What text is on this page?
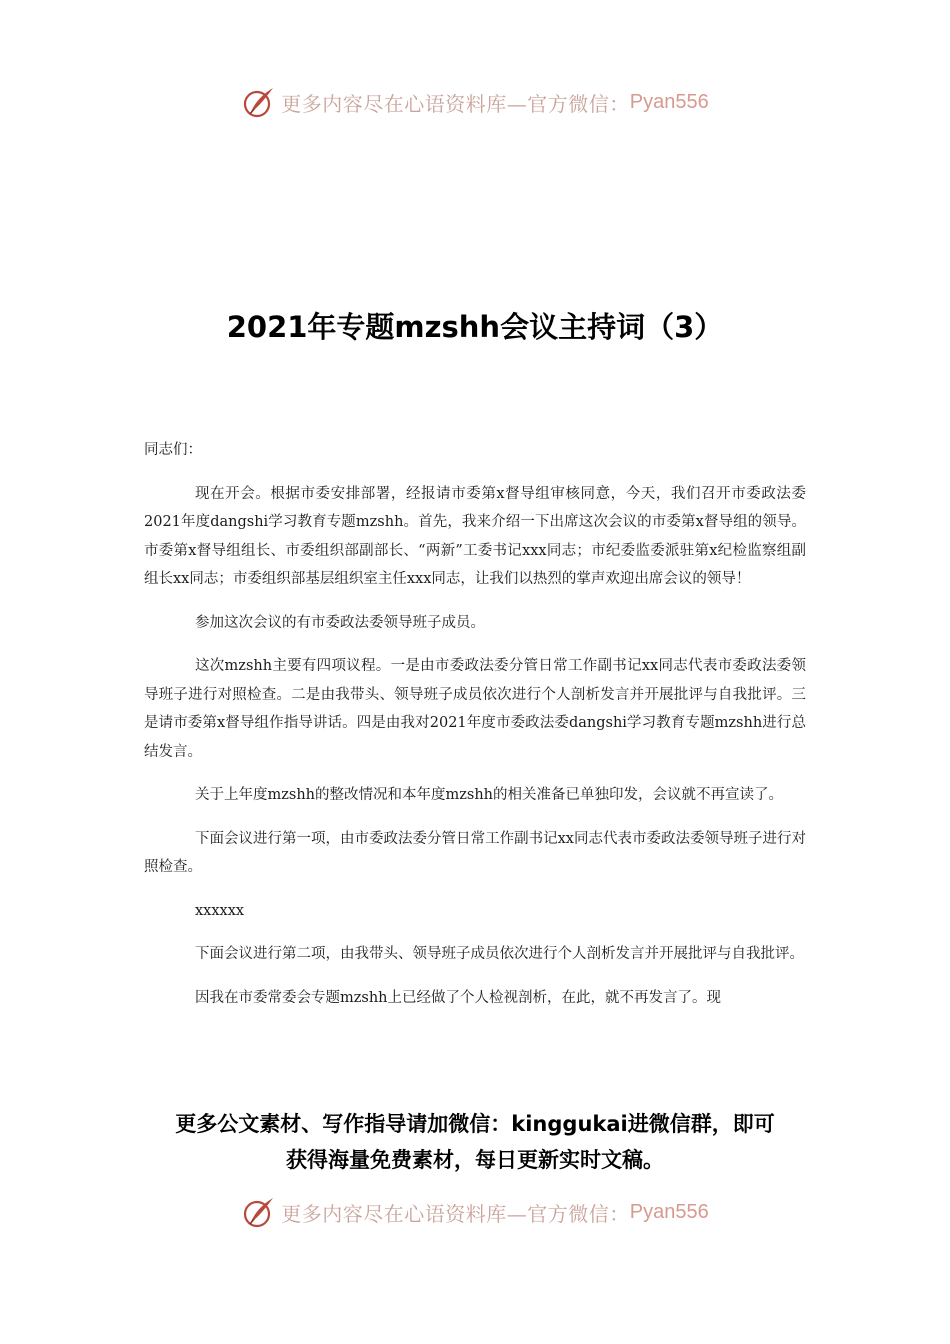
更多内容尽在心语资料库—官方微信： Pyan556
2021年专题mzshh会议主持词（3）

同志们：

现在开会。根据市委安排部署，经报请市委第x督导组审核同意，今天，我们召开市委政法委2021年度dangshi学习教育专题mzshh。首先，我来介绍一下出席这次会议的市委第x督导组的领导。市委第x督导组组长、市委组织部副部长、“两新”工委书记xxx同志；市纪委监委派驻第x纪检监察组副组长xx同志；市委组织部基层组织室主任xxx同志，让我们以热烈的掌声欢迎出席会议的领导！

参加这次会议的有市委政法委领导班子成员。

这次mzshh主要有四项议程。一是由市委政法委分管日常工作副书记xx同志代表市委政法委领导班子进行对照检查。二是由我带头、领导班子成员依次进行个人剖析发言并开展批评与自我批评。三是请市委第x督导组作指导讲话。四是由我对2021年度市委政法委dangshi学习教育专题mzshh进行总结发言。

关于上年度mzshh的整改情况和本年度mzshh的相关准备已单独印发，会议就不再宣读了。

下面会议进行第一项，由市委政法委分管日常工作副书记xx同志代表市委政法委领导班子进行对照检查。

xxxxxx

下面会议进行第二项，由我带头、领导班子成员依次进行个人剖析发言并开展批评与自我批评。

因我在市委常委会专题mzshh上已经做了个人检视剖析，在此，就不再发言了。现

更多公文素材、写作指导请加微信：kinggukai进微信群，即可
获得海量免费素材，每日更新实时文稿。
更多内容尽在心语资料库—官方微信： Pyan556
